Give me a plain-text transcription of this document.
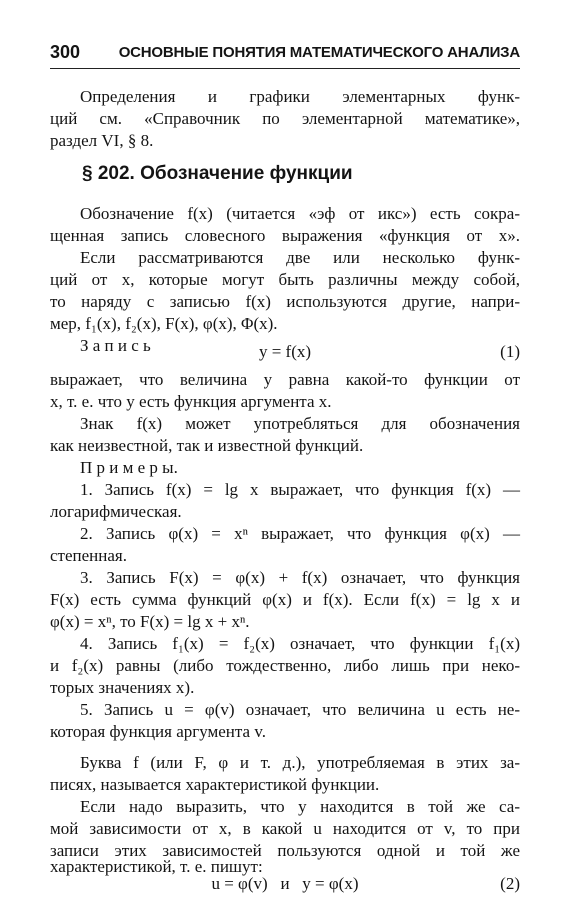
300	ОСНОВНЫЕ ПОНЯТИЯ МАТЕМАТИЧЕСКОГО АНАЛИЗА
Определения и графики элементарных функ-
ций см. «Справочник по элементарной математике»,
раздел VI, § 8.
§ 202. Обозначение функции
Обозначение f(x) (читается «эф от икс») есть сокра-
щенная запись словесного выражения «функция от x».
Если рассматриваются две или несколько функ-
ций от x, которые могут быть различны между собой,
то наряду с записью f(x) используются другие, напри-
мер, f₁(x), f₂(x), F(x), φ(x), Φ(x).
З а п и с ь	y = f(x)	(1)
выражает, что величина y равна какой-то функции от
x, т. е. что y есть функция аргумента x.
Знак f(x) может употребляться для обозначения
как неизвестной, так и известной функций.
П р и м е р ы.
1. Запись f(x) = lg x выражает, что функция f(x) —
логарифмическая.
2. Запись φ(x) = xⁿ выражает, что функция φ(x) —
степенная.
3. Запись F(x) = φ(x) + f(x) означает, что функция
F(x) есть сумма функций φ(x) и f(x). Если f(x) = lg x и
φ(x) = xⁿ, то F(x) = lg x + xⁿ.
4. Запись f₁(x) = f₂(x) означает, что функции f₁(x)
и f₂(x) равны (либо тождественно, либо лишь при неко-
торых значениях x).
5. Запись u = φ(v) означает, что величина u есть не-
которая функция аргумента v.
Буква f (или F, φ и т. д.), употребляемая в этих за-
писях, называется характеристикой функции.
Если надо выразить, что y находится в той же са-
мой зависимости от x, в какой u находится от v, то при
записи этих зависимостей пользуются одной и той же
характеристикой, т. е. пишут:
u = φ(v)   и   y = φ(x)	(2)
